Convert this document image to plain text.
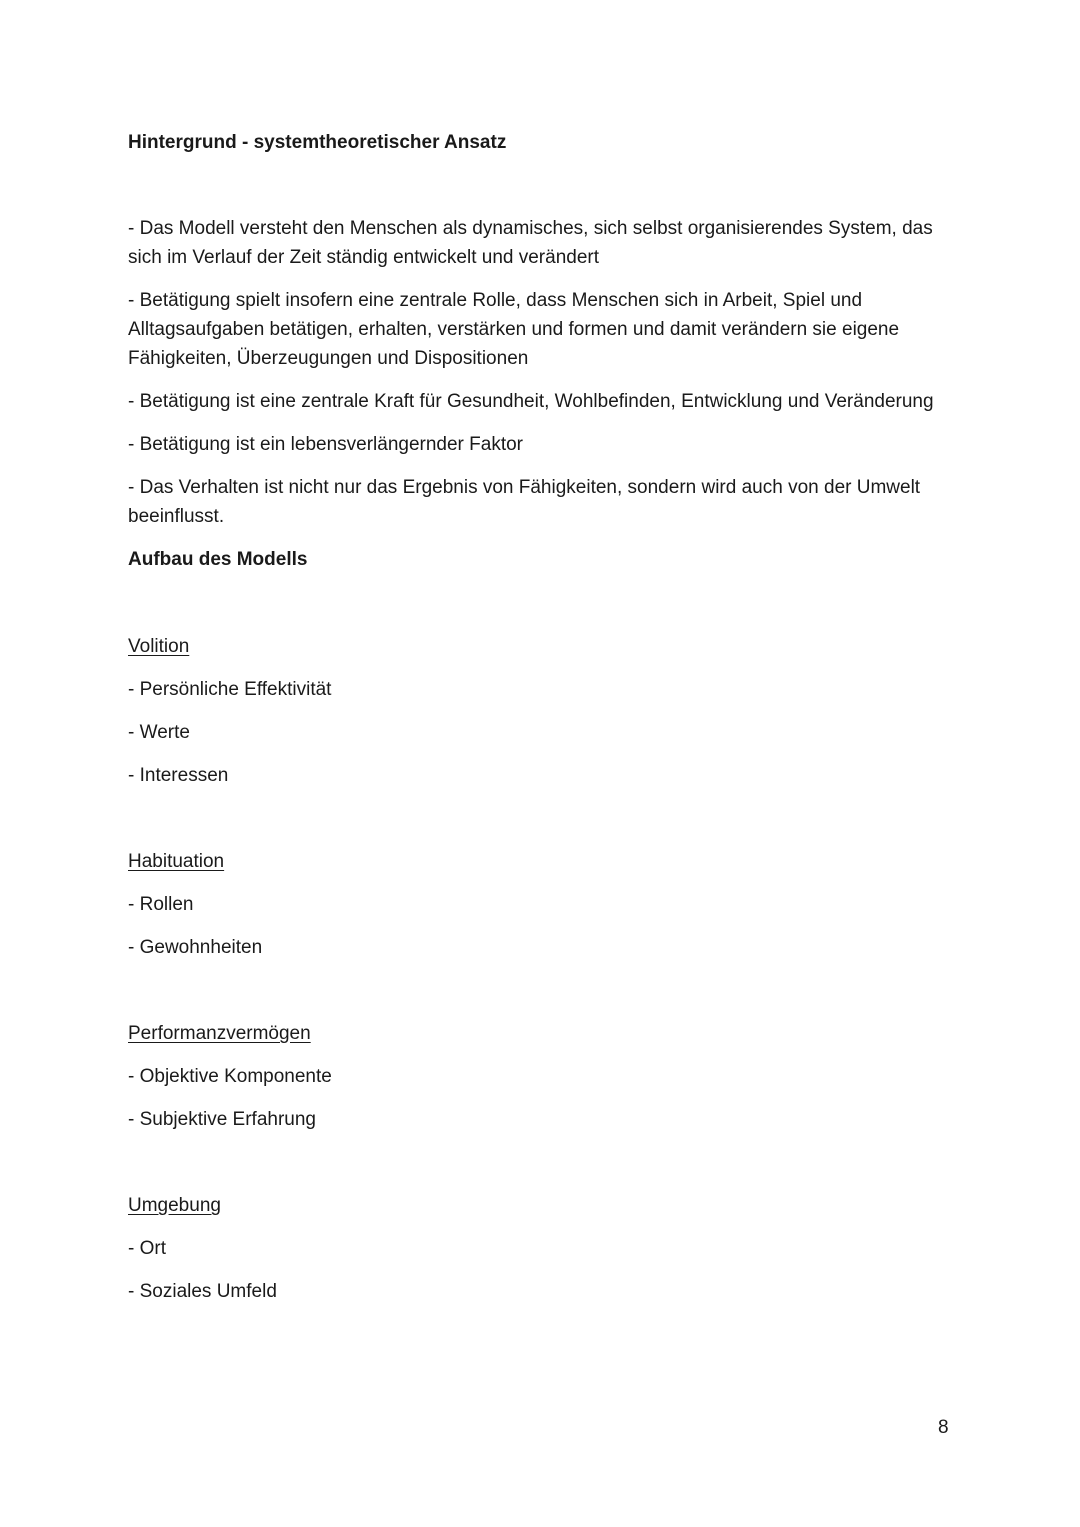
Hintergrund - systemtheoretischer Ansatz

- Das Modell versteht den Menschen als dynamisches, sich selbst organisierendes System, das sich im Verlauf der Zeit ständig entwickelt und verändert

- Betätigung spielt insofern eine zentrale Rolle, dass Menschen sich in Arbeit, Spiel und Alltagsaufgaben betätigen, erhalten, verstärken und formen und damit verändern sie eigene Fähigkeiten, Überzeugungen und Dispositionen

- Betätigung ist eine zentrale Kraft für Gesundheit, Wohlbefinden, Entwicklung und Veränderung

- Betätigung ist ein lebensverlängernder Faktor

- Das Verhalten ist nicht nur das Ergebnis von Fähigkeiten, sondern wird auch von der Umwelt beeinflusst.

Aufbau des Modells

Volition

- Persönliche Effektivität

- Werte

- Interessen

Habituation

- Rollen

- Gewohnheiten

Performanzvermögen

- Objektive Komponente

- Subjektive Erfahrung

Umgebung

- Ort

- Soziales Umfeld

8
